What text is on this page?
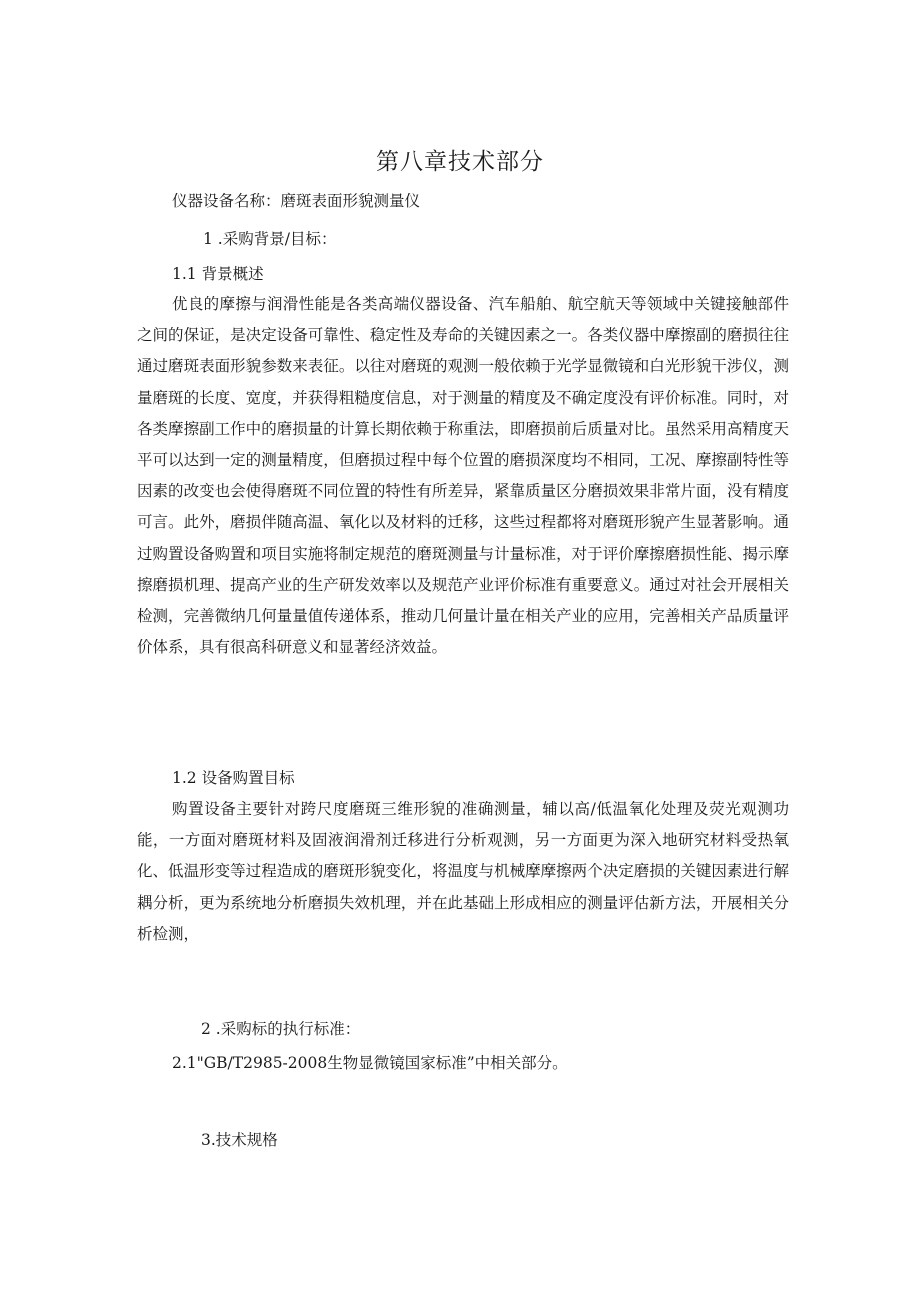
第八章技术部分
仪器设备名称：磨斑表面形貌测量仪
1 .采购背景/目标：
1.1 背景概述
优良的摩擦与润滑性能是各类高端仪器设备、汽车船舶、航空航天等领域中关键接触部件之间的保证，是决定设备可靠性、稳定性及寿命的关键因素之一。各类仪器中摩擦副的磨损往往通过磨斑表面形貌参数来表征。以往对磨斑的观测一般依赖于光学显微镜和白光形貌干涉仪，测量磨斑的长度、宽度，并获得粗糙度信息，对于测量的精度及不确定度没有评价标准。同时，对各类摩擦副工作中的磨损量的计算长期依赖于称重法，即磨损前后质量对比。虽然采用高精度天平可以达到一定的测量精度，但磨损过程中每个位置的磨损深度均不相同，工况、摩擦副特性等因素的改变也会使得磨斑不同位置的特性有所差异，紧靠质量区分磨损效果非常片面，没有精度可言。此外，磨损伴随高温、氧化以及材料的迁移，这些过程都将对磨斑形貌产生显著影响。通过购置设备购置和项目实施将制定规范的磨斑测量与计量标准，对于评价摩擦磨损性能、揭示摩擦磨损机理、提高产业的生产研发效率以及规范产业评价标准有重要意义。通过对社会开展相关检测，完善微纳几何量量值传递体系，推动几何量计量在相关产业的应用，完善相关产品质量评价体系，具有很高科研意义和显著经济效益。
1.2 设备购置目标
购置设备主要针对跨尺度磨斑三维形貌的准确测量，辅以高/低温氧化处理及荧光观测功能，一方面对磨斑材料及固液润滑剂迁移进行分析观测，另一方面更为深入地研究材料受热氧化、低温形变等过程造成的磨斑形貌变化，将温度与机械摩摩擦两个决定磨损的关键因素进行解耦分析，更为系统地分析磨损失效机理，并在此基础上形成相应的测量评估新方法，开展相关分析检测，
2 .采购标的执行标准：
2.1"GB/T2985-2008生物显微镜国家标准”中相关部分。
3.技术规格
